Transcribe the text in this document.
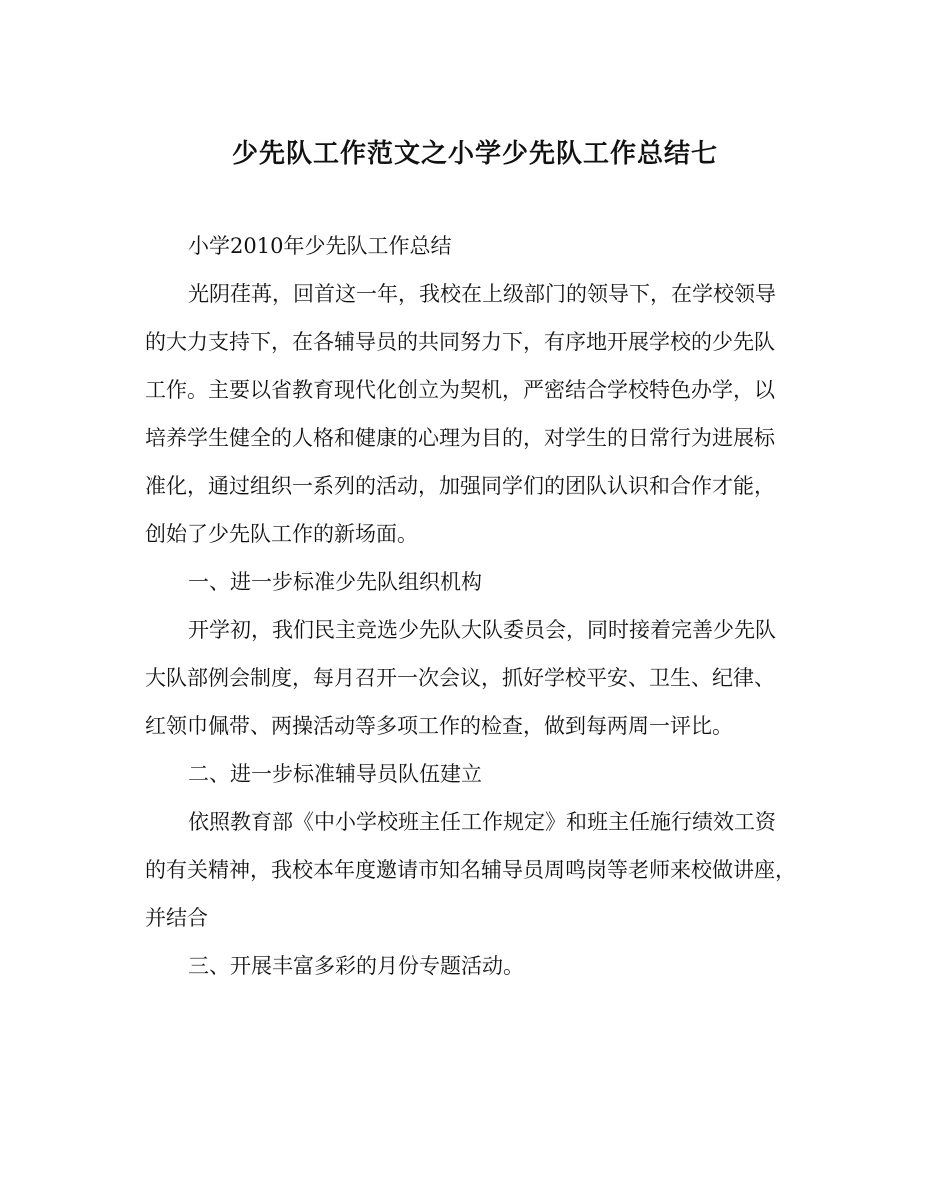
少先队工作范文之小学少先队工作总结七
小学2010年少先队工作总结
光阴荏苒，回首这一年，我校在上级部门的领导下，在学校领导
的大力支持下，在各辅导员的共同努力下，有序地开展学校的少先队
工作。主要以省教育现代化创立为契机，严密结合学校特色办学，以
培养学生健全的人格和健康的心理为目的，对学生的日常行为进展标
准化，通过组织一系列的活动，加强同学们的团队认识和合作才能，
创始了少先队工作的新场面。
一、进一步标准少先队组织机构
开学初，我们民主竞选少先队大队委员会，同时接着完善少先队
大队部例会制度，每月召开一次会议，抓好学校平安、卫生、纪律、
红领巾佩带、两操活动等多项工作的检查，做到每两周一评比。
二、进一步标准辅导员队伍建立
依照教育部《中小学校班主任工作规定》和班主任施行绩效工资
的有关精神，我校本年度邀请市知名辅导员周鸣岗等老师来校做讲座，
并结合
三、开展丰富多彩的月份专题活动。
